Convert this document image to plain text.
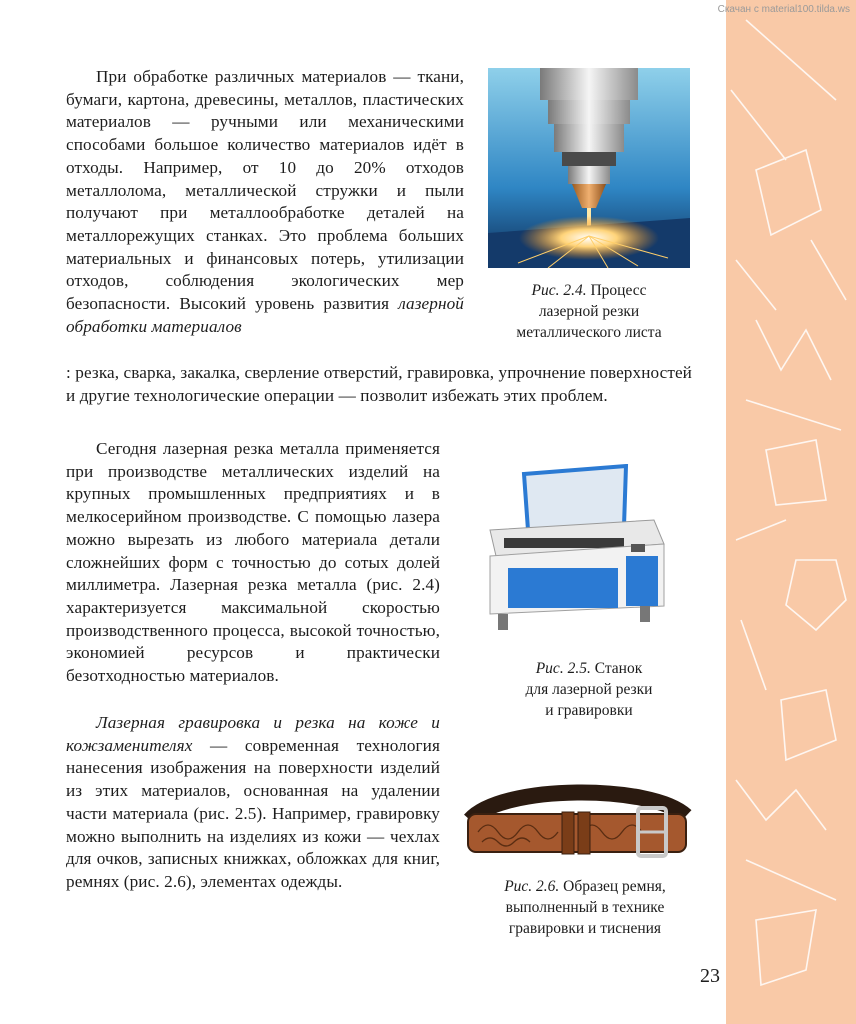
Скачан с material100.tilda.ws
23

При обработке различных материалов — ткани, бумаги, картона, древесины, металлов, пластических материалов — ручными или механическими способами большое количество материалов идёт в отходы. Например, от 10 до 20% отходов металлолома, металлической стружки и пыли получают при металлообработке деталей на металлорежущих станках. Это проблема больших материальных и финансовых потерь, утилизации отходов, соблюдения экологических мер безопасности. Высокий уровень развития лазерной обработки материалов

: резка, сварка, закалка, сверление отверстий, гравировка, упрочнение поверхностей и другие технологические операции — позволит избежать этих проблем.

Сегодня лазерная резка металла применяется при производстве металлических изделий на крупных промышленных предприятиях и в мелкосерийном производстве. С помощью лазера можно вырезать из любого материала детали сложнейших форм с точностью до сотых долей миллиметра. Лазерная резка металла (рис. 2.4) характеризуется максимальной скоростью производственного процесса, высокой точностью, экономией ресурсов и практически безотходностью материалов.

Лазерная гравировка и резка на коже и кожзаменителях — современная технология нанесения изображения на поверхности изделий из этих материалов, основанная на удалении части материала (рис. 2.5). Например, гравировку можно выполнить на изделиях из кожи — чехлах для очков, записных книжках, обложках для книг, ремнях (рис. 2.6), элементах одежды.

Рис. 2.4. Процесс
лазерной резки
металлического листа
Рис. 2.5. Станок
для лазерной резки
и гравировки
Рис. 2.6. Образец ремня,
выполненный в технике
гравировки и тиснения
